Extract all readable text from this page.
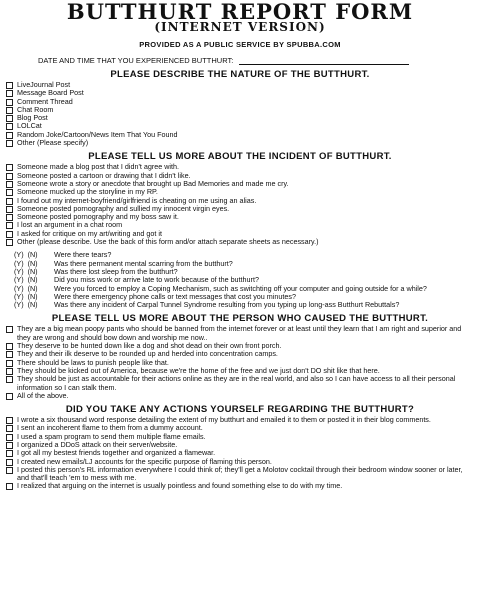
BUTTHURT REPORT FORM
(INTERNET VERSION)
PROVIDED AS A PUBLIC SERVICE BY SPUBBA.COM
DATE AND TIME THAT YOU EXPERIENCED BUTTHURT:
PLEASE DESCRIBE THE NATURE OF THE BUTTHURT.
LiveJournal Post
Message Board Post
Comment Thread
Chat Room
Blog Post
LOLCat
Random Joke/Cartoon/News Item That You Found
Other (Please specify)
PLEASE TELL US MORE ABOUT THE INCIDENT OF BUTTHURT.
Someone made a blog post that I didn't agree with.
Someone posted a cartoon or drawing that I didn't like.
Someone wrote a story or anecdote that brought up Bad Memories and made me cry.
Someone mucked up the storyline in my RP.
I found out my internet-boyfriend/girlfriend is cheating on me using an alias.
Someone posted pornography and sullied my innocent virgin eyes.
Someone posted pornography and my boss saw it.
I lost an argument in a chat room
I asked for critique on my art/writing and got it
Other (please describe. Use the back of this form and/or attach separate sheets as necessary.)
(Y)  (N)	Were there tears?
(Y)  (N)	Was there permanent mental scarring from the butthurt?
(Y)  (N)	Was there lost sleep from the butthurt?
(Y)  (N)	Did you miss work or arrive late to work because of the butthurt?
(Y)  (N)	Were you forced to employ a Coping Mechanism, such as switchting off your computer and going outside for a while?
(Y)  (N)	Were there emergency phone calls or text messages that cost you minutes?
(Y)  (N)	Was there any incident of Carpal Tunnel Syndrome resulting from you typing up long-ass Butthurt Rebuttals?
PLEASE TELL US MORE ABOUT THE PERSON WHO CAUSED THE BUTTHURT.
They are a big mean poopy pants who should be banned from the internet forever or at least until they learn that I am right and superior and they are wrong and should bow down and worship me now..
They deserve to be hunted down like a dog and shot dead on their own front porch.
They and their ilk deserve to be rounded up and herded into concentration camps.
There should be laws to punish people like that.
They should be kicked out of America, because we're the home of the free and we just don't DO shit like that here.
They should be just as accountable for their actions online as they are in the real world, and also so I can have access to all their personal information so I can stalk them.
All of the above.
DID YOU TAKE ANY ACTIONS YOURSELF REGARDING THE BUTTHURT?
I wrote a six thousand word response detailing the extent of my butthurt and emailed it to them or posted it in their blog comments.
I sent an incoherent flame to them from a dummy account.
I used a spam program to send them multiple flame emails.
I organized a DDoS attack on their server/website.
I got all my bestest friends together and organized a flamewar.
I created new emails/LJ accounts for the specific purpose of flaming this person.
I posted this person's RL information everywhere I could think of; they'll get a Molotov cocktail through their bedroom window sooner or later, and that'll teach 'em to mess with me.
I realized that arguing on the internet is usually pointless and found something else to do with my time.
